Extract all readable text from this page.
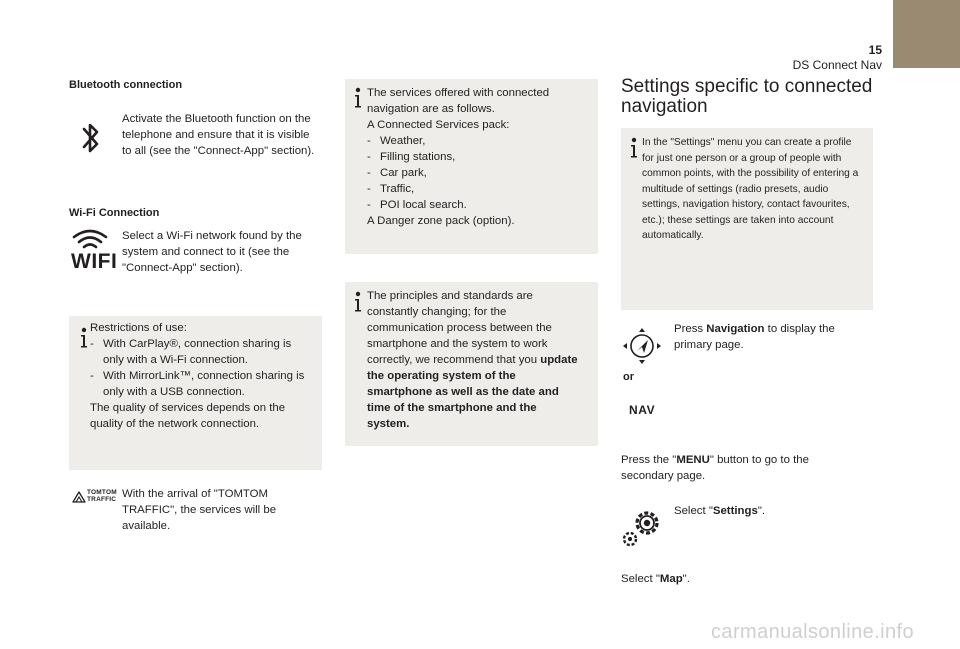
15
DS Connect Nav
Bluetooth connection
Activate the Bluetooth function on the telephone and ensure that it is visible to all (see the "Connect-App" section).
Wi-Fi Connection
WIFI
Select a Wi-Fi network found by the system and connect to it (see the "Connect-App" section).
Restrictions of use:
- With CarPlay®, connection sharing is only with a Wi-Fi connection.
- With MirrorLink™, connection sharing is only with a USB connection.
The quality of services depends on the quality of the network connection.
TOMTOM
TRAFFIC With the arrival of "TOMTOM TRAFFIC", the services will be available.
The services offered with connected navigation are as follows.
A Connected Services pack:
- Weather,
- Filling stations,
- Car park,
- Traffic,
- POI local search.
A Danger zone pack (option).
The principles and standards are constantly changing; for the communication process between the smartphone and the system to work correctly, we recommend that you update the operating system of the smartphone as well as the date and time of the smartphone and the system.
Settings specific to connected
navigation
In the "Settings" menu you can create a profile for just one person or a group of people with common points, with the possibility of entering a multitude of settings (radio presets, audio settings, navigation history, contact favourites, etc.); these settings are taken into account automatically.
or
NAV
Press Navigation to display the primary page.
Press the "MENU" button to go to the secondary page.
Select "Settings".
Select "Map".
carmanualsonline.info
